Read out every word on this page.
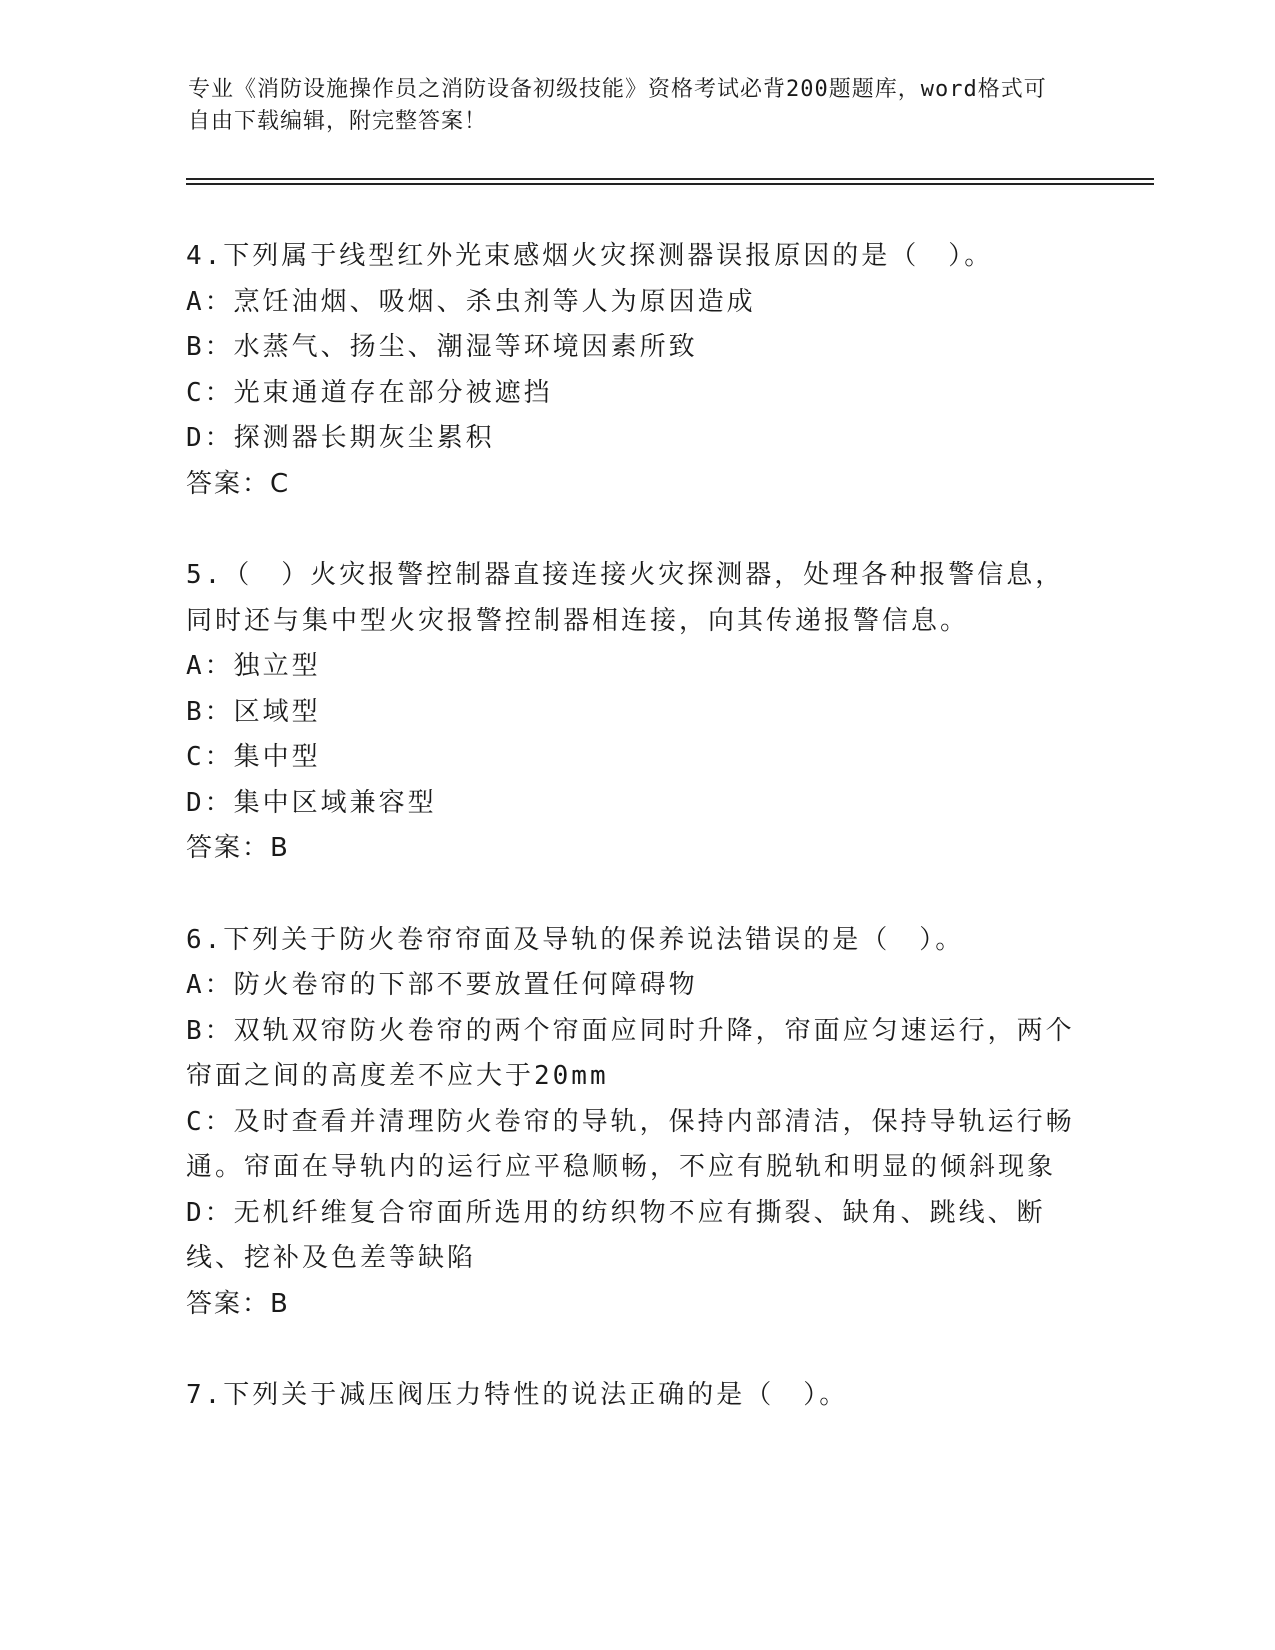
专业《消防设施操作员之消防设备初级技能》资格考试必背200题题库，word格式可自由下载编辑，附完整答案！
4.下列属于线型红外光束感烟火灾探测器误报原因的是（　）。
A：烹饪油烟、吸烟、杀虫剂等人为原因造成
B：水蒸气、扬尘、潮湿等环境因素所致
C：光束通道存在部分被遮挡
D：探测器长期灰尘累积
答案：C
5.（　）火灾报警控制器直接连接火灾探测器，处理各种报警信息，同时还与集中型火灾报警控制器相连接，向其传递报警信息。
A：独立型
B：区域型
C：集中型
D：集中区域兼容型
答案：B
6.下列关于防火卷帘帘面及导轨的保养说法错误的是（　）。
A：防火卷帘的下部不要放置任何障碍物
B：双轨双帘防火卷帘的两个帘面应同时升降，帘面应匀速运行，两个帘面之间的高度差不应大于20mm
C：及时查看并清理防火卷帘的导轨，保持内部清洁，保持导轨运行畅通。帘面在导轨内的运行应平稳顺畅，不应有脱轨和明显的倾斜现象
D：无机纤维复合帘面所选用的纺织物不应有撕裂、缺角、跳线、断线、挖补及色差等缺陷
答案：B
7.下列关于减压阀压力特性的说法正确的是（　）。
